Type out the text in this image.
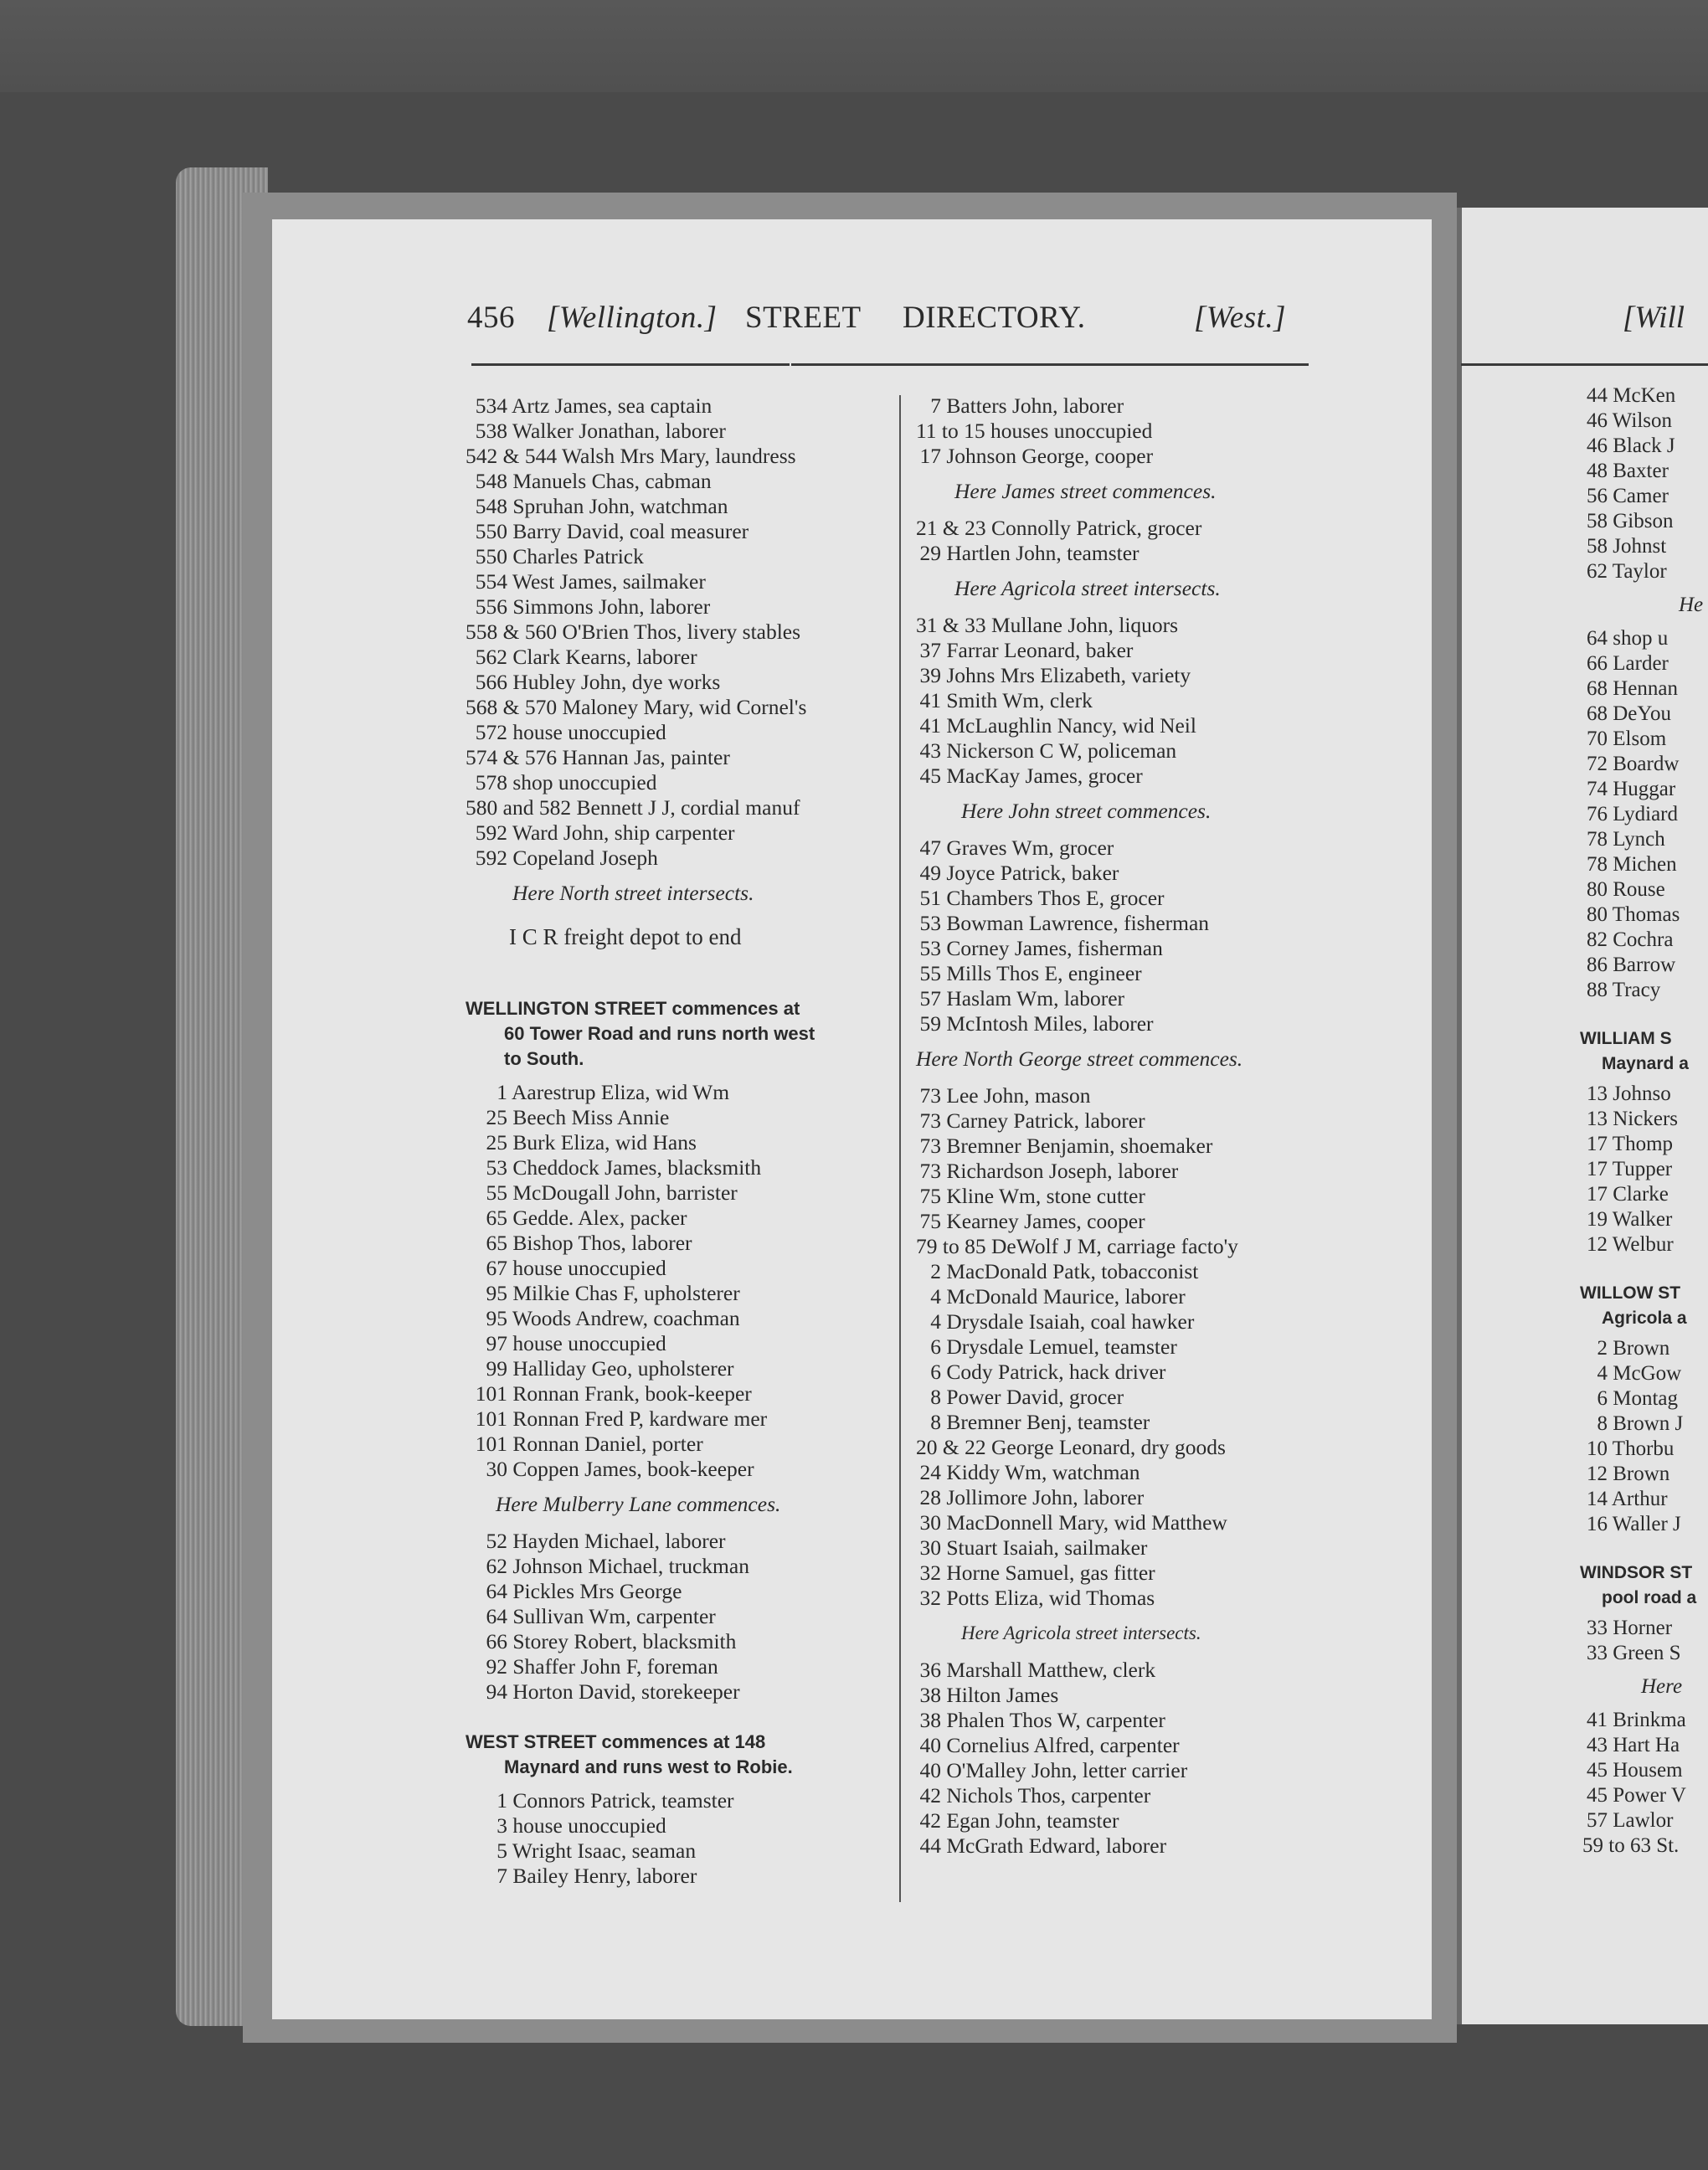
456 [Wellington.] STREET DIRECTORY.	[West.]	[Will
534 Artz James, sea captain
538 Walker Jonathan, laborer
542 & 544 Walsh Mrs Mary, laundress
548 Manuels Chas, cabman
548 Spruhan John, watchman
550 Barry David, coal measurer
550 Charles Patrick
554 West James, sailmaker
556 Simmons John, laborer
558 & 560 O'Brien Thos, livery stables
562 Clark Kearns, laborer
566 Hubley John, dye works
568 & 570 Maloney Mary, wid Cornel's
572 house unoccupied
574 & 576 Hannan Jas, painter
578 shop unoccupied
580 and 582 Bennett J J, cordial manuf
592 Ward John, ship carpenter
592 Copeland Joseph
Here North street intersects.
I C R freight depot to end
WELLINGTON STREET commences at
60 Tower Road and runs north west
to South.
1 Aarestrup Eliza, wid Wm
25 Beech Miss Annie
25 Burk Eliza, wid Hans
53 Cheddock James, blacksmith
55 McDougall John, barrister
65 Gedde. Alex, packer
65 Bishop Thos, laborer
67 house unoccupied
95 Milkie Chas F, upholsterer
95 Woods Andrew, coachman
97 house unoccupied
99 Halliday Geo, upholsterer
101 Ronnan Frank, book-keeper
101 Ronnan Fred P, kardware mer
101 Ronnan Daniel, porter
30 Coppen James, book-keeper
Here Mulberry Lane commences.
52 Hayden Michael, laborer
62 Johnson Michael, truckman
64 Pickles Mrs George
64 Sullivan Wm, carpenter
66 Storey Robert, blacksmith
92 Shaffer John F, foreman
94 Horton David, storekeeper
WEST STREET commences at 148
Maynard and runs west to Robie.
1 Connors Patrick, teamster
3 house unoccupied
5 Wright Isaac, seaman
7 Bailey Henry, laborer
7 Batters John, laborer
11 to 15 houses unoccupied
17 Johnson George, cooper
Here James street commences.
21 & 23 Connolly Patrick, grocer
29 Hartlen John, teamster
Here Agricola street intersects.
31 & 33 Mullane John, liquors
37 Farrar Leonard, baker
39 Johns Mrs Elizabeth, variety
41 Smith Wm, clerk
41 McLaughlin Nancy, wid Neil
43 Nickerson C W, policeman
45 MacKay James, grocer
Here John street commences.
47 Graves Wm, grocer
49 Joyce Patrick, baker
51 Chambers Thos E, grocer
53 Bowman Lawrence, fisherman
53 Corney James, fisherman
55 Mills Thos E, engineer
57 Haslam Wm, laborer
59 McIntosh Miles, laborer
Here North George street commences.
73 Lee John, mason
73 Carney Patrick, laborer
73 Bremner Benjamin, shoemaker
73 Richardson Joseph, laborer
75 Kline Wm, stone cutter
75 Kearney James, cooper
79 to 85 DeWolf J M, carriage facto'y
2 MacDonald Patk, tobacconist
4 McDonald Maurice, laborer
4 Drysdale Isaiah, coal hawker
6 Drysdale Lemuel, teamster
6 Cody Patrick, hack driver
8 Power David, grocer
8 Bremner Benj, teamster
20 & 22 George Leonard, dry goods
24 Kiddy Wm, watchman
28 Jollimore John, laborer
30 MacDonnell Mary, wid Matthew
30 Stuart Isaiah, sailmaker
32 Horne Samuel, gas fitter
32 Potts Eliza, wid Thomas
Here Agricola street intersects.
36 Marshall Matthew, clerk
38 Hilton James
38 Phalen Thos W, carpenter
40 Cornelius Alfred, carpenter
40 O'Malley John, letter carrier
42 Nichols Thos, carpenter
42 Egan John, teamster
44 McGrath Edward, laborer
44 McKen
46 Wilson
46 Black J
48 Baxter
56 Camer
58 Gibson
58 Johnst
62 Taylor
He
64 shop u
66 Larder
68 Hennan
68 DeYou
70 Elsom
72 Boardw
74 Huggar
76 Lydiard
78 Lynch
78 Michen
80 Rouse
80 Thomas
82 Cochra
86 Barrow
88 Tracy
WILLIAM S
Maynard a
13 Johnso
13 Nickers
17 Thomp
17 Tupper
17 Clarke
19 Walker
12 Welbur
WILLOW ST
Agricola a
2 Brown
4 McGow
6 Montag
8 Brown J
10 Thorbu
12 Brown
14 Arthur
16 Waller J
WINDSOR ST
pool road a
33 Horner
33 Green S
Here
41 Brinkma
43 Hart Ha
45 Housem
45 Power V
57 Lawlor
59 to 63 St.
